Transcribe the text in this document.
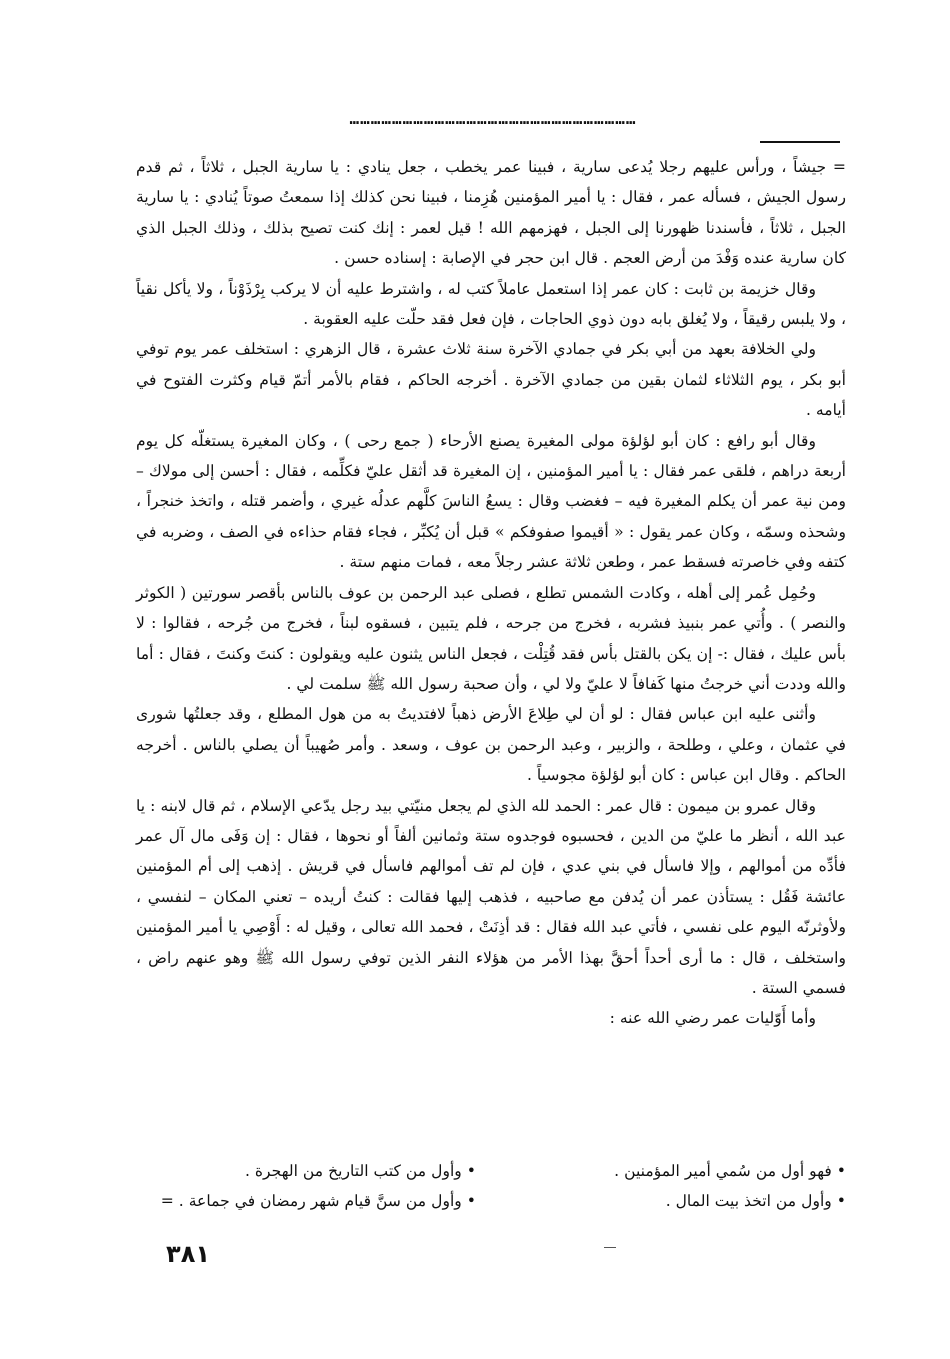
………………………………………………………………………

= جيشاً ، ورأس عليهم رجلا يُدعى سارية ، فبينا عمر يخطب ، جعل ينادي : يا سارية الجبل ، ثلاثاً ، ثم قدم رسول الجيش ، فسأله عمر ، فقال : يا أمير المؤمنين هُزِمنا ، فبينا نحن كذلك إذا سمعتُ صوتاً يُنادي : يا سارية الجبل ، ثلاثاً ، فأسندنا ظهورنا إلى الجبل ، فهزمهم الله ! قيل لعمر : إنك كنت تصيح بذلك ، وذلك الجبل الذي كان سارية عنده وَفْدَ من أرض العجم . قال ابن حجر في الإصابة : إسناده حسن .

وقال خزيمة بن ثابت : كان عمر إذا استعمل عاملاً كتب له ، واشترط عليه أن لا يركب بِرْذَوْناً ، ولا يأكل نقياً ، ولا يلبس رقيقاً ، ولا يُغلق بابه دون ذوي الحاجات ، فإن فعل فقد حلّت عليه العقوبة .

ولي الخلافة بعهد من أبي بكر في جمادي الآخرة سنة ثلاث عشرة ، قال الزهري : استخلف عمر يوم توفي أبو بكر ، يوم الثلاثاء لثمان بقين من جمادي الآخرة . أخرجه الحاكم ، فقام بالأمر أتمّ قيام وكثرت الفتوح في أيامه .

وقال أبو رافع : كان أبو لؤلؤة مولى المغيرة يصنع الأرحاء ( جمع رحى ) ، وكان المغيرة يستغلّه كل يوم أربعة دراهم ، فلقى عمر فقال : يا أمير المؤمنين ، إن المغيرة قد أثقل عليّ فكلِّمه ، فقال : أحسن إلى مولاك – ومن نية عمر أن يكلم المغيرة فيه – فغضب وقال : يسعُ الناسَ كلَّهم عدلُه غيري ، وأضمر قتله ، واتخذ خنجراً ، وشحذه وسمّه ، وكان عمر يقول : « أقيموا صفوفكم » قبل أن يُكبِّر ، فجاء فقام حذاءه في الصف ، وضربه في كتفه وفي خاصرته فسقط عمر ، وطعن ثلاثة عشر رجلاً معه ، فمات منهم ستة .

وحُمِل عُمر إلى أهله ، وكادت الشمس تطلع ، فصلى عبد الرحمن بن عوف بالناس بأقصر سورتين ( الكوثر والنصر ) . وأُتي عمر بنبيذ فشربه ، فخرج من جرحه ، فلم يتبين ، فسقوه لبناً ، فخرج من جُرحه ، فقالوا : لا بأس عليك ، فقال :- إن يكن بالقتل بأس فقد قُتِلْت ، فجعل الناس يثنون عليه ويقولون : كنتَ وكنتَ ، فقال : أما والله وددت أني خرجتُ منها كَفافاً لا عليّ ولا لي ، وأن صحبة رسول الله ﷺ سلمت لي .

وأثنى عليه ابن عباس فقال : لو أن لي طِلاعَ الأرض ذهباً لافتديتُ به من هول المطلع ، وقد جعلتُها شورى في عثمان ، وعلي ، وطلحة ، والزبير ، وعبد الرحمن بن عوف ، وسعد . وأمر صُهيباً أن يصلي بالناس . أخرجه الحاكم . وقال ابن عباس : كان أبو لؤلؤة مجوسياً .

وقال عمرو بن ميمون : قال عمر : الحمد لله الذي لم يجعل منيّتي بيد رجل يدّعي الإسلام ، ثم قال لابنه : يا عبد الله ، أنظر ما عليّ من الدين ، فحسبوه فوجدوه ستة وثمانين ألفاً أو نحوها ، فقال : إن وَفَى مال آل عمر فأدِّه من أموالهم ، وإلا فاسأل في بني عدي ، فإن لم تف أموالهم فاسأل في قريش . إذهب إلى أم المؤمنين عائشة فَقُل : يستأذن عمر أن يُدفن مع صاحبيه ، فذهب إليها فقالت : كنتُ أريده – تعني المكان – لنفسي ، ولأوثرنّه اليوم على نفسي ، فأتي عبد الله فقال : قد أذِنَتْ ، فحمد الله تعالى ، وقيل له : أَوْصِي يا أمير المؤمنين واستخلف ، قال : ما أرى أحداً أحقَّ بهذا الأمر من هؤلاء النفر الذين توفي رسول الله ﷺ وهو عنهم راض ، فسمي الستة .

وأما أَوّليات عمر رضي الله عنه :

• فهو أول من سُمي أمير المؤمنين .
• وأول من اتخذ بيت المال .
• وأول من كتب التاريخ من الهجرة .
• وأول من سنَّ قيام شهر رمضان في جماعة . =
٣٨١
